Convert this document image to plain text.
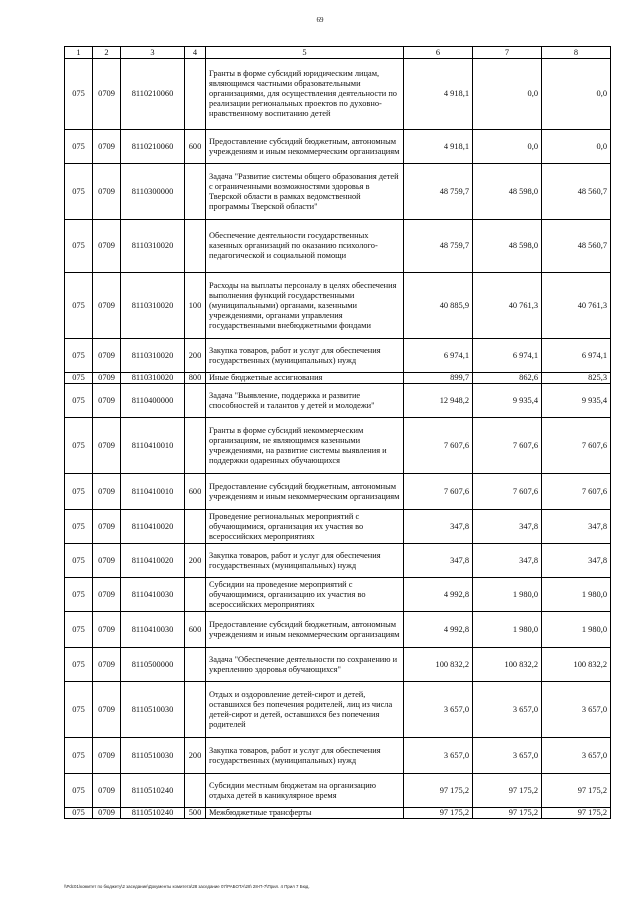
69
1	2	3	4	5	6	7	8
075	0709	8110210060		Гранты в форме субсидий юридическим лицам, являющимся частными образовательными организациями, для осуществления деятельности по реализации региональных проектов по духовно-нравственному воспитанию детей	4 918,1	0,0	0,0
075	0709	8110210060	600	Предоставление субсидий бюджетным, автономным учреждениям и иным некоммерческим организациям	4 918,1	0,0	0,0
075	0709	8110300000		Задача "Развитие системы общего образования детей с ограниченными возможностями здоровья в Тверской области в рамках ведомственной программы Тверской области"	48 759,7	48 598,0	48 560,7
075	0709	8110310020		Обеспечение деятельности государственных казенных организаций по оказанию психолого-педагогической и социальной помощи	48 759,7	48 598,0	48 560,7
075	0709	8110310020	100	Расходы на выплаты персоналу в целях обеспечения выполнения функций государственными (муниципальными) органами, казенными учреждениями, органами управления государственными внебюджетными фондами	40 885,9	40 761,3	40 761,3
075	0709	8110310020	200	Закупка товаров, работ и услуг для обеспечения государственных (муниципальных) нужд	6 974,1	6 974,1	6 974,1
075	0709	8110310020	800	Иные бюджетные ассигнования	899,7	862,6	825,3
075	0709	8110400000		Задача "Выявление, поддержка и развитие способностей и талантов у детей и молодежи"	12 948,2	9 935,4	9 935,4
075	0709	8110410010		Гранты в форме субсидий некоммерческим организациям, не являющимся казенными учреждениями, на развитие системы выявления и поддержки одаренных обучающихся	7 607,6	7 607,6	7 607,6
075	0709	8110410010	600	Предоставление субсидий бюджетным, автономным учреждениям и иным некоммерческим организациям	7 607,6	7 607,6	7 607,6
075	0709	8110410020		Проведение региональных мероприятий с обучающимися, организация их участия во всероссийских мероприятиях	347,8	347,8	347,8
075	0709	8110410020	200	Закупка товаров, работ и услуг для обеспечения государственных (муниципальных) нужд	347,8	347,8	347,8
075	0709	8110410030		Субсидии на проведение мероприятий с обучающимися, организацию их участия во всероссийских мероприятиях	4 992,8	1 980,0	1 980,0
075	0709	8110410030	600	Предоставление субсидий бюджетным, автономным учреждениям и иным некоммерческим организациям	4 992,8	1 980,0	1 980,0
075	0709	8110500000		Задача "Обеспечение деятельности по сохранению и укреплению здоровья обучающихся"	100 832,2	100 832,2	100 832,2
075	0709	8110510030		Отдых и оздоровление детей-сирот и детей, оставшихся без попечения родителей, лиц из числа детей-сирот и детей, оставшихся без попечения родителей	3 657,0	3 657,0	3 657,0
075	0709	8110510030	200	Закупка товаров, работ и услуг для обеспечения государственных (муниципальных) нужд	3 657,0	3 657,0	3 657,0
075	0709	8110510240		Субсидии местным бюджетам на организацию отдыха детей в каникулярное время	97 175,2	97 175,2	97 175,2
075	0709	8110510240	500	Межбюджетные трансферты	97 175,2	97 175,2	97 175,2
\\Pdc01\комитет по бюджету\2 заседание\Документы комитета\28 заседание 07\РАБОТА\28\ 28-П-7\Прил. 4 Прил 7 Бюд.
